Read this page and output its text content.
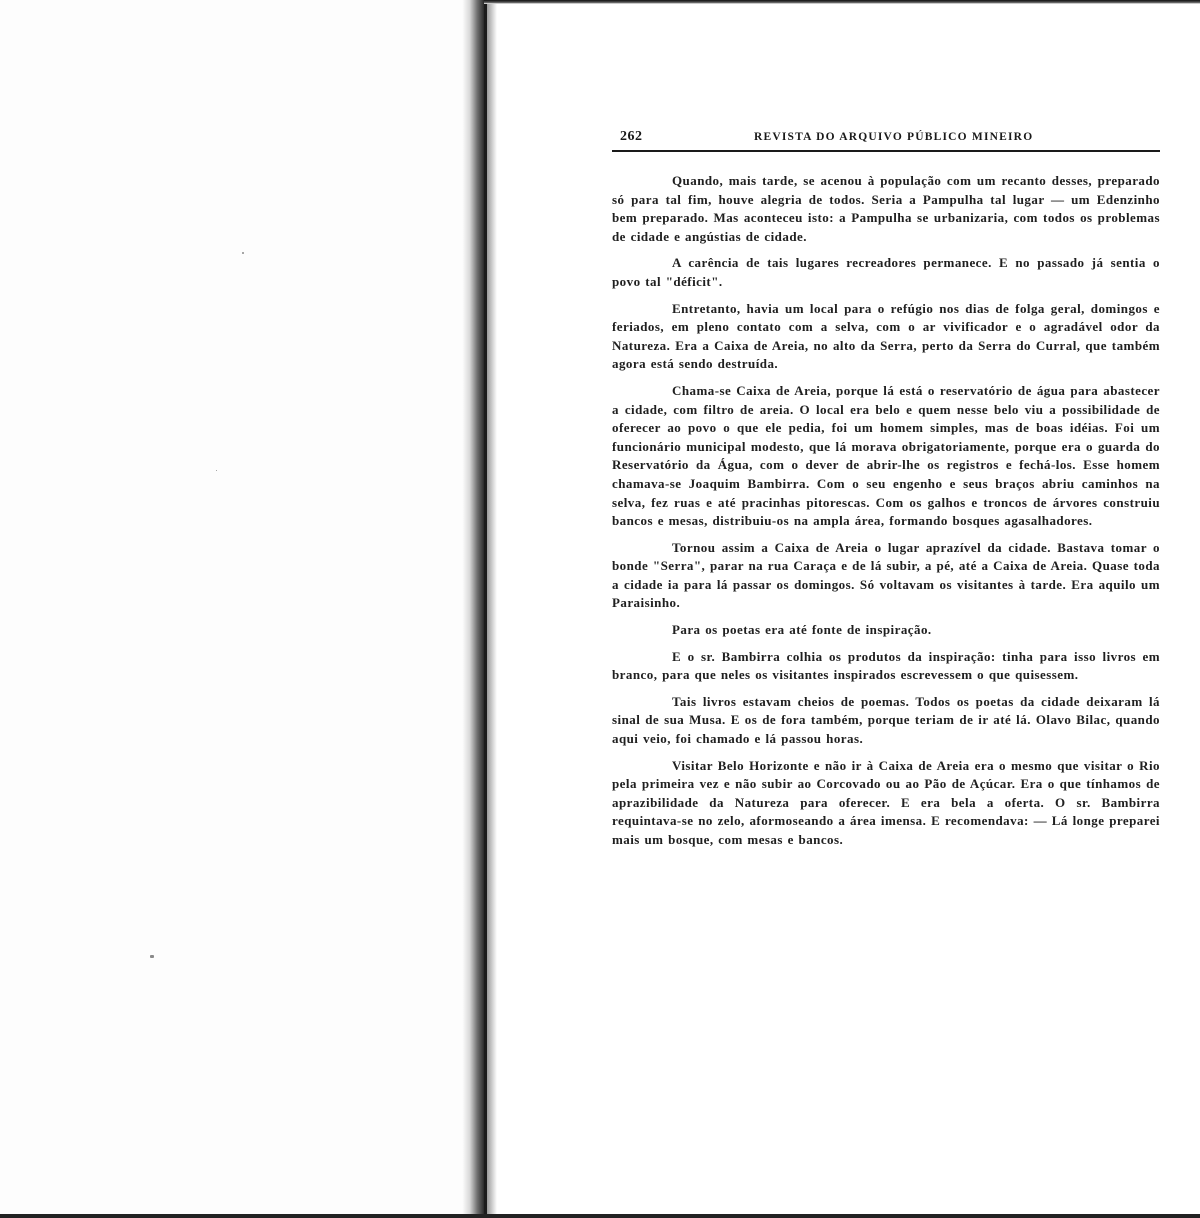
262	REVISTA DO ARQUIVO PÚBLICO MINEIRO

Quando, mais tarde, se acenou à população com um recanto desses, preparado só para tal fim, houve alegria de todos. Seria a Pampulha tal lugar — um Edenzinho bem preparado. Mas aconteceu isto: a Pampulha se urbanizaria, com todos os problemas de cidade e angústias de cidade.

A carência de tais lugares recreadores permanece. E no passado já sentia o povo tal "déficit".

Entretanto, havia um local para o refúgio nos dias de folga geral, domingos e feriados, em pleno contato com a selva, com o ar vivificador e o agradável odor da Natureza. Era a Caixa de Areia, no alto da Serra, perto da Serra do Curral, que também agora está sendo destruída.

Chama-se Caixa de Areia, porque lá está o reservatório de água para abastecer a cidade, com filtro de areia. O local era belo e quem nesse belo viu a possibilidade de oferecer ao povo o que ele pedia, foi um homem simples, mas de boas idéias. Foi um funcionário municipal modesto, que lá morava obrigatoriamente, porque era o guarda do Reservatório da Água, com o dever de abrir-lhe os registros e fechá-los. Esse homem chamava-se Joaquim Bambirra. Com o seu engenho e seus braços abriu caminhos na selva, fez ruas e até pracinhas pitorescas. Com os galhos e troncos de árvores construiu bancos e mesas, distribuiu-os na ampla área, formando bosques agasalhadores.

Tornou assim a Caixa de Areia o lugar aprazível da cidade. Bastava tomar o bonde "Serra", parar na rua Caraça e de lá subir, a pé, até a Caixa de Areia. Quase toda a cidade ia para lá passar os domingos. Só voltavam os visitantes à tarde. Era aquilo um Paraisinho.

Para os poetas era até fonte de inspiração.

E o sr. Bambirra colhia os produtos da inspiração: tinha para isso livros em branco, para que neles os visitantes inspirados escrevessem o que quisessem.

Tais livros estavam cheios de poemas. Todos os poetas da cidade deixaram lá sinal de sua Musa. E os de fora também, porque teriam de ir até lá. Olavo Bilac, quando aqui veio, foi chamado e lá passou horas.

Visitar Belo Horizonte e não ir à Caixa de Areia era o mesmo que visitar o Rio pela primeira vez e não subir ao Corcovado ou ao Pão de Açúcar. Era o que tínhamos de aprazibilidade da Natureza para oferecer. E era bela a oferta. O sr. Bambirra requintava-se no zelo, aformoseando a área imensa. E recomendava: — Lá longe preparei mais um bosque, com mesas e bancos.
